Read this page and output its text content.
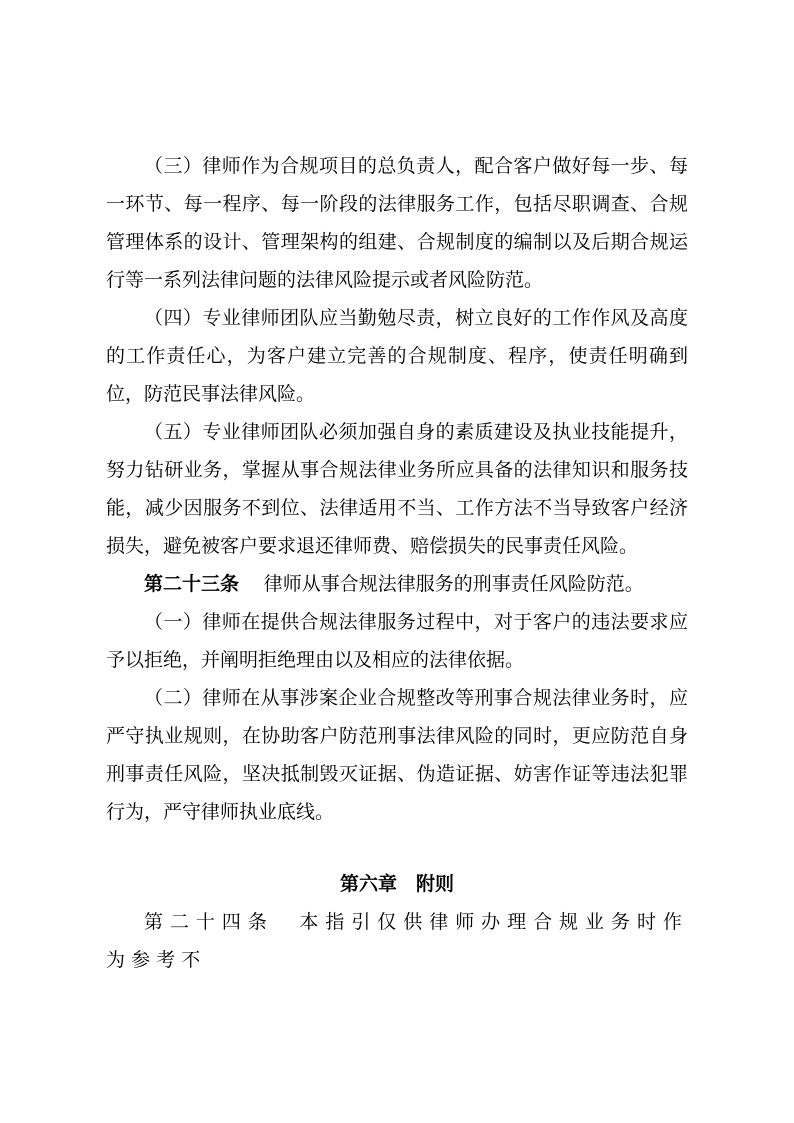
（三）律师作为合规项目的总负责人，配合客户做好每一步、每一环节、每一程序、每一阶段的法律服务工作，包括尽职调查、合规管理体系的设计、管理架构的组建、合规制度的编制以及后期合规运行等一系列法律问题的法律风险提示或者风险防范。

（四）专业律师团队应当勤勉尽责，树立良好的工作作风及高度的工作责任心，为客户建立完善的合规制度、程序，使责任明确到位，防范民事法律风险。

（五）专业律师团队必须加强自身的素质建设及执业技能提升，努力钻研业务，掌握从事合规法律业务所应具备的法律知识和服务技能，减少因服务不到位、法律适用不当、工作方法不当导致客户经济损失，避免被客户要求退还律师费、赔偿损失的民事责任风险。

第二十三条 律师从事合规法律服务的刑事责任风险防范。

（一）律师在提供合规法律服务过程中，对于客户的违法要求应予以拒绝，并阐明拒绝理由以及相应的法律依据。

（二）律师在从事涉案企业合规整改等刑事合规法律业务时，应严守执业规则，在协助客户防范刑事法律风险的同时，更应防范自身刑事责任风险，坚决抵制毁灭证据、伪造证据、妨害作证等违法犯罪行为，严守律师执业底线。

第六章　附则

第二十四条 本指引仅供律师办理合规业务时作为参考不
